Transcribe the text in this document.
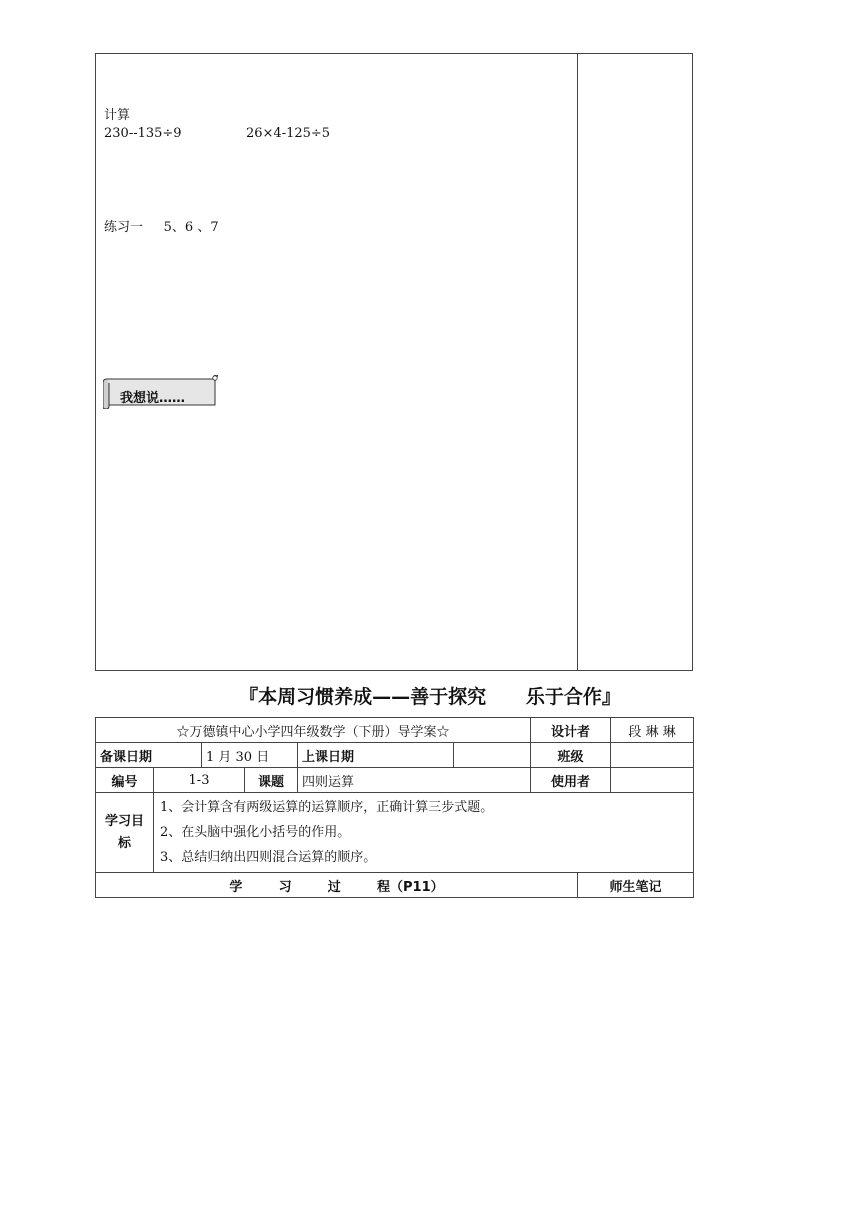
计算
230--135÷9	26×4-125÷5
练习一     5、6 、7
我想说……
『本周习惯养成——善于探究      乐于合作』
☆万德镇中心小学四年级数学（下册）导学案☆						设计者		段 琳 琳
备课日期		1 月 30 日		上课日期		班级		
编号	1-3		课题	四则运算		使用者		
学习目标	1、会计算含有两级运算的运算顺序，正确计算三步式题。
2、在头脑中强化小括号的作用。
3、总结归纳出四则混合运算的顺序。							

学        习        过        程（P11）							师生笔记	
